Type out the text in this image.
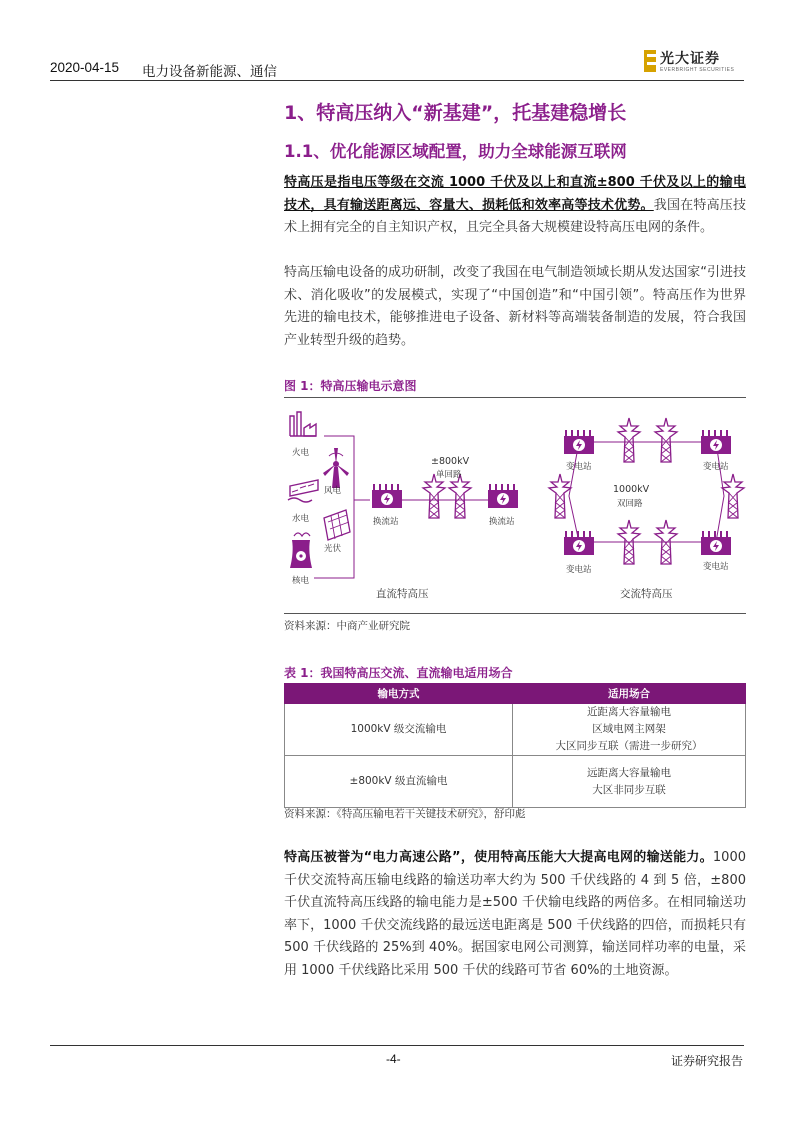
2020-04-15 电力设备新能源、通信
光大证券
EVERBRIGHT SECURITIES
1、特高压纳入“新基建”，托基建稳增长
1.1、优化能源区域配置，助力全球能源互联网
特高压是指电压等级在交流 1000 千伏及以上和直流±800 千伏及以上的输电技术，具有输送距离远、容量大、损耗低和效率高等技术优势。我国在特高压技术上拥有完全的自主知识产权，且完全具备大规模建设特高压电网的条件。
特高压输电设备的成功研制，改变了我国在电气制造领域长期从发达国家“引进技术、消化吸收”的发展模式，实现了“中国创造”和“中国引领”。特高压作为世界先进的输电技术，能够推进电子设备、新材料等高端装备制造的发展，符合我国产业转型升级的趋势。
图 1：特高压输电示意图
火电
风电
水电
光伏
核电
±800kV
单回路
换流站	换流站
直流特高压
1000kV
双回路
变电站	变电站
变电站	变电站
交流特高压
资料来源：中商产业研究院
表 1：我国特高压交流、直流输电适用场合
输电方式	适用场合
1000kV 级交流输电	近距离大容量输电
区域电网主网架
大区同步互联（需进一步研究）

±800kV 级直流输电	远距离大容量输电
大区非同步互联
资料来源：《特高压输电若干关键技术研究》，舒印彪
特高压被誉为“电力高速公路”，使用特高压能大大提高电网的输送能力。1000 千伏交流特高压输电线路的输送功率大约为 500 千伏线路的 4 到 5 倍，±800 千伏直流特高压线路的输电能力是±500 千伏输电线路的两倍多。在相同输送功率下，1000 千伏交流线路的最远送电距离是 500 千伏线路的四倍，而损耗只有 500 千伏线路的 25%到 40%。据国家电网公司测算，输送同样功率的电量，采用 1000 千伏线路比采用 500 千伏的线路可节省 60%的土地资源。
-4-	证券研究报告
